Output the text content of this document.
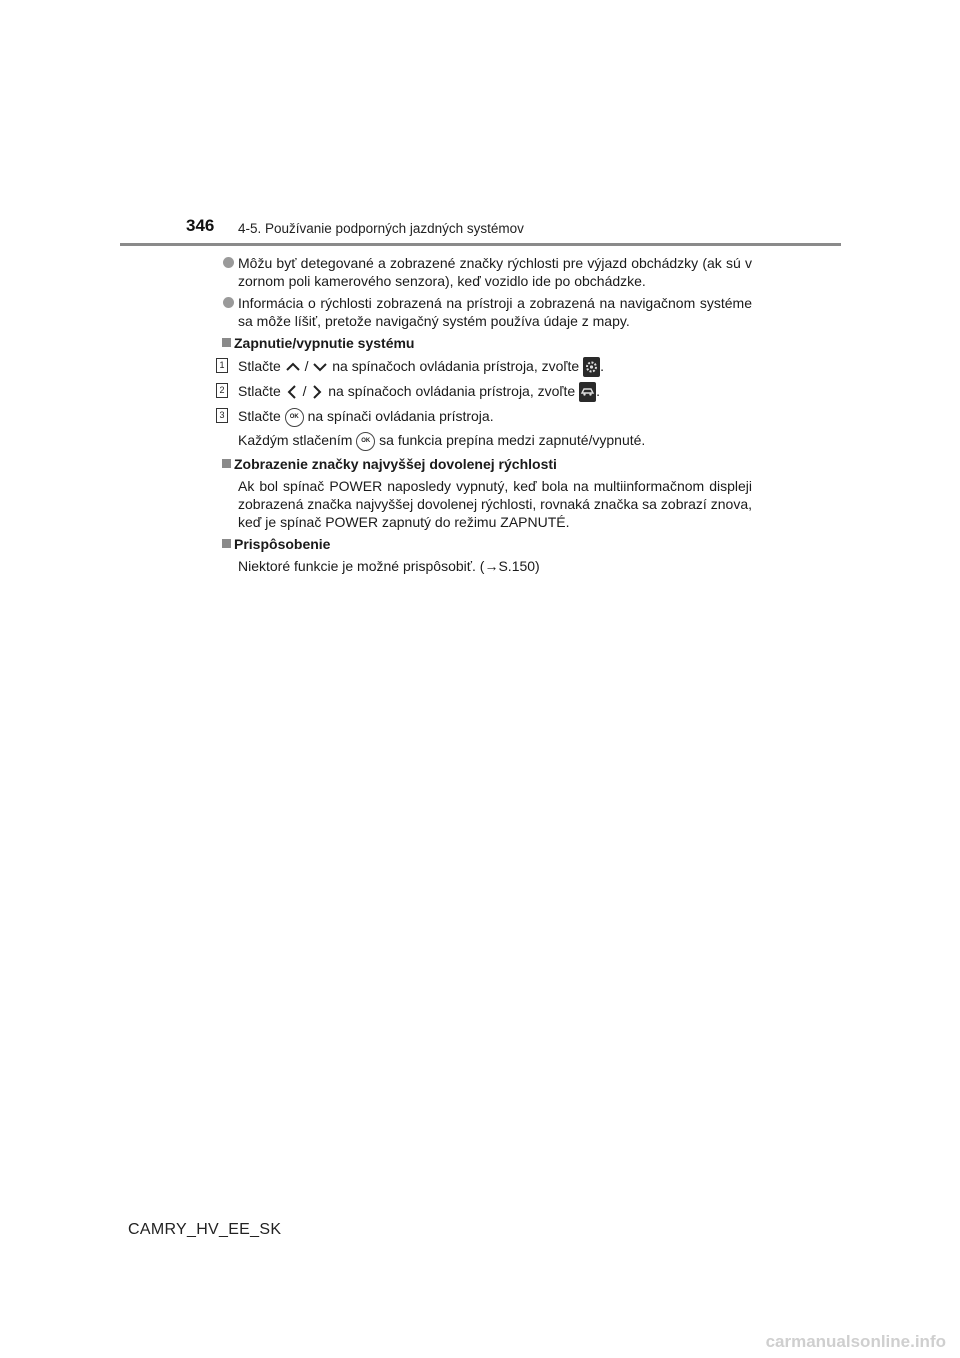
346 4-5. Používanie podporných jazdných systémov
Môžu byť detegované a zobrazené značky rýchlosti pre výjazd obchádzky (ak sú v zornom poli kamerového senzora), keď vozidlo ide po obchádzke.
Informácia o rýchlosti zobrazená na prístroji a zobrazená na navigačnom systéme sa môže líšiť, pretože navigačný systém používa údaje z mapy.
Zapnutie/vypnutie systému
1 Stlačte / na spínačoch ovládania prístroja, zvoľte .
2 Stlačte / na spínačoch ovládania prístroja, zvoľte .
3 Stlačte OK na spínači ovládania prístroja.
Každým stlačením OK sa funkcia prepína medzi zapnuté/vypnuté.
Zobrazenie značky najvyššej dovolenej rýchlosti
Ak bol spínač POWER naposledy vypnutý, keď bola na multiinformačnom displeji zobrazená značka najvyššej dovolenej rýchlosti, rovnaká značka sa zobrazí znova, keď je spínač POWER zapnutý do režimu ZAPNUTÉ.
Prispôsobenie
Niektoré funkcie je možné prispôsobiť. (→S.150)
CAMRY_HV_EE_SK
carmanualsonline.info
